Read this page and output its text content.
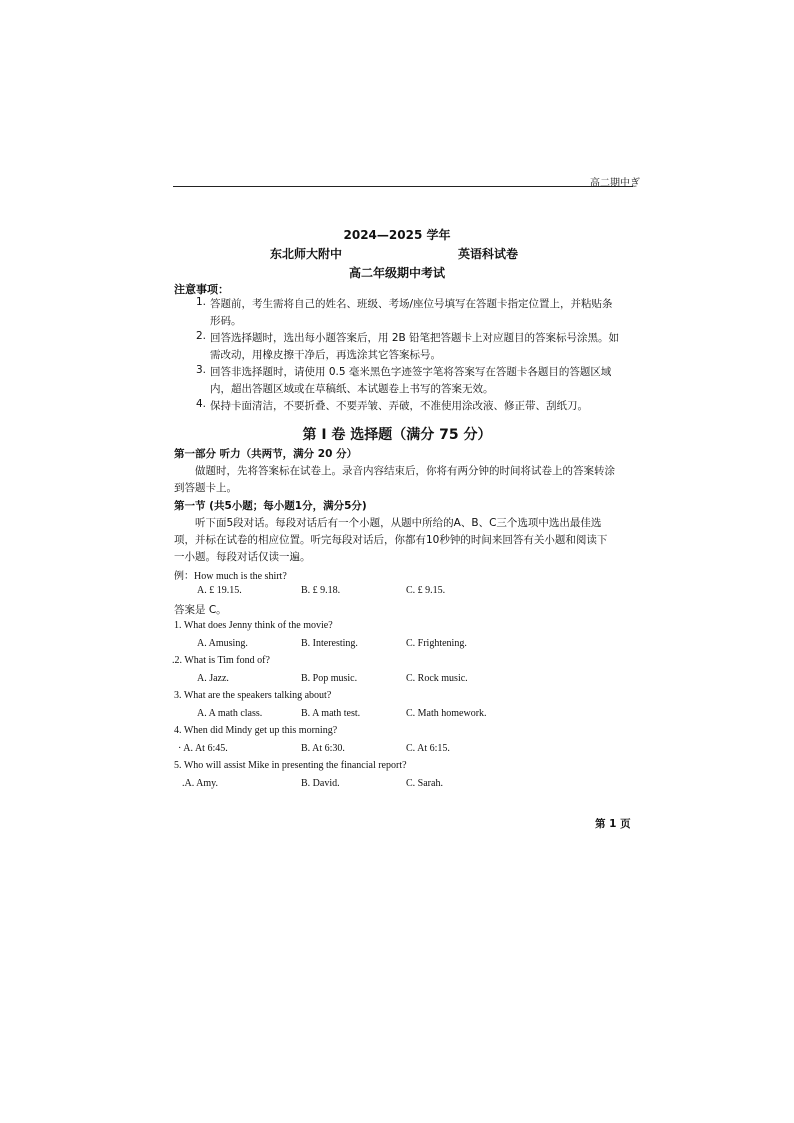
高二期中ぎ
2024—2025 学年
东北师大附中	英语科试卷
高二年级期中考试
注意事项：
1. 答题前，考生需将自己的姓名、班级、考场/座位号填写在答题卡指定位置上，并粘贴条
形码。
2. 回答选择题时，选出每小题答案后，用 2B 铅笔把答题卡上对应题目的答案标号涂黑。如
需改动，用橡皮擦干净后，再选涂其它答案标号。
3. 回答非选择题时，请使用 0.5 毫米黑色字迹签字笔将答案写在答题卡各题目的答题区域
内，超出答题区域或在草稿纸、本试题卷上书写的答案无效。
4. 保持卡面清洁，不要折叠、不要弄皱、弄破，不准使用涂改液、修正带、刮纸刀。
第 I 卷 选择题（满分 75 分）
第一部分 听力（共两节，满分 20 分）
做题时，先将答案标在试卷上。录音内容结束后，你将有两分钟的时间将试卷上的答案转涂
到答题卡上。
第一节 (共5小题；每小题1分，满分5分)
听下面5段对话。每段对话后有一个小题，从题中所给的A、B、C三个选项中选出最佳选
项，并标在试卷的相应位置。听完每段对话后，你都有10秒钟的时间来回答有关小题和阅读下
一小题。每段对话仅读一遍。
例：How much is the shirt?
A. £ 19.15.	B. £ 9.18.	C. £ 9.15.
答案是 C。
1. What does Jenny think of the movie?
A. Amusing.	B. Interesting.	C. Frightening.
.2. What is Tim fond of?
A. Jazz.	B. Pop music.	C. Rock music.
3. What are the speakers talking about?
A. A math class.	B. A math test.	C. Math homework.
4. When did Mindy get up this morning?
· A. At 6:45.	B. At 6:30.	C. At 6:15.
5. Who will assist Mike in presenting the financial report?
.A. Amy.	B. David.	C. Sarah.
第 1 页
